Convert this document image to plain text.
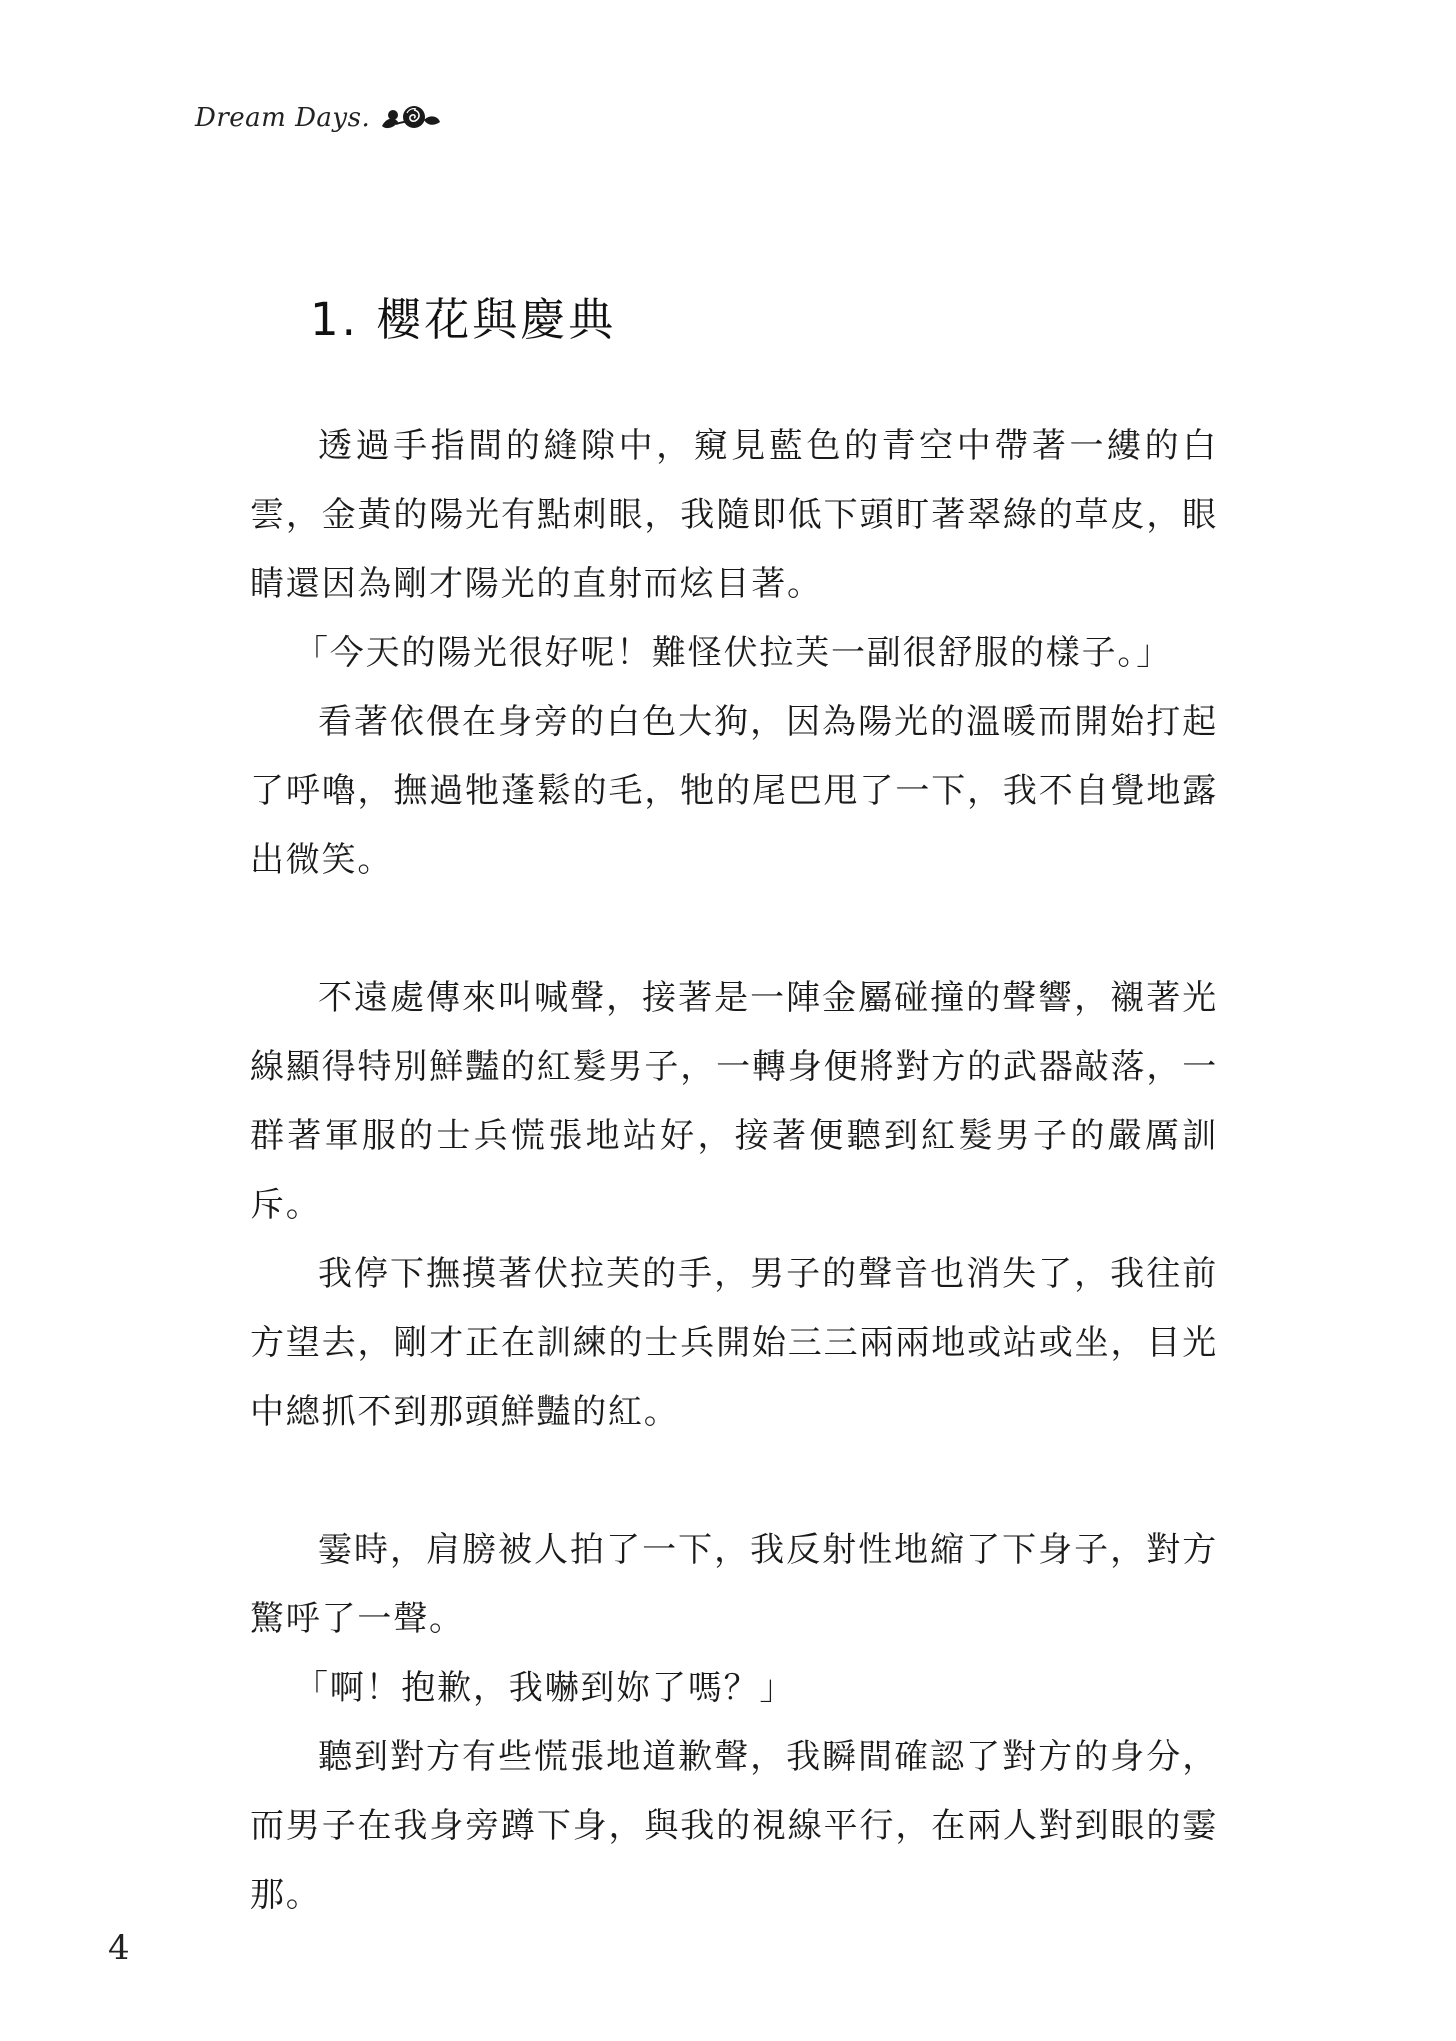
Dream Days.
1. 櫻花與慶典

透過手指間的縫隙中，窺見藍色的青空中帶著一縷的白雲，金黃的陽光有點刺眼，我隨即低下頭盯著翠綠的草皮，眼睛還因為剛才陽光的直射而炫目著。

「今天的陽光很好呢！難怪伏拉芙一副很舒服的樣子。」

看著依偎在身旁的白色大狗，因為陽光的溫暖而開始打起了呼嚕，撫過牠蓬鬆的毛，牠的尾巴甩了一下，我不自覺地露出微笑。

不遠處傳來叫喊聲，接著是一陣金屬碰撞的聲響，襯著光線顯得特別鮮豔的紅髮男子，一轉身便將對方的武器敲落，一群著軍服的士兵慌張地站好，接著便聽到紅髮男子的嚴厲訓斥。

我停下撫摸著伏拉芙的手，男子的聲音也消失了，我往前方望去，剛才正在訓練的士兵開始三三兩兩地或站或坐，目光中總抓不到那頭鮮豔的紅。

霎時，肩膀被人拍了一下，我反射性地縮了下身子，對方驚呼了一聲。

「啊！抱歉，我嚇到妳了嗎？」

聽到對方有些慌張地道歉聲，我瞬間確認了對方的身分，而男子在我身旁蹲下身，與我的視線平行，在兩人對到眼的霎那。

4
